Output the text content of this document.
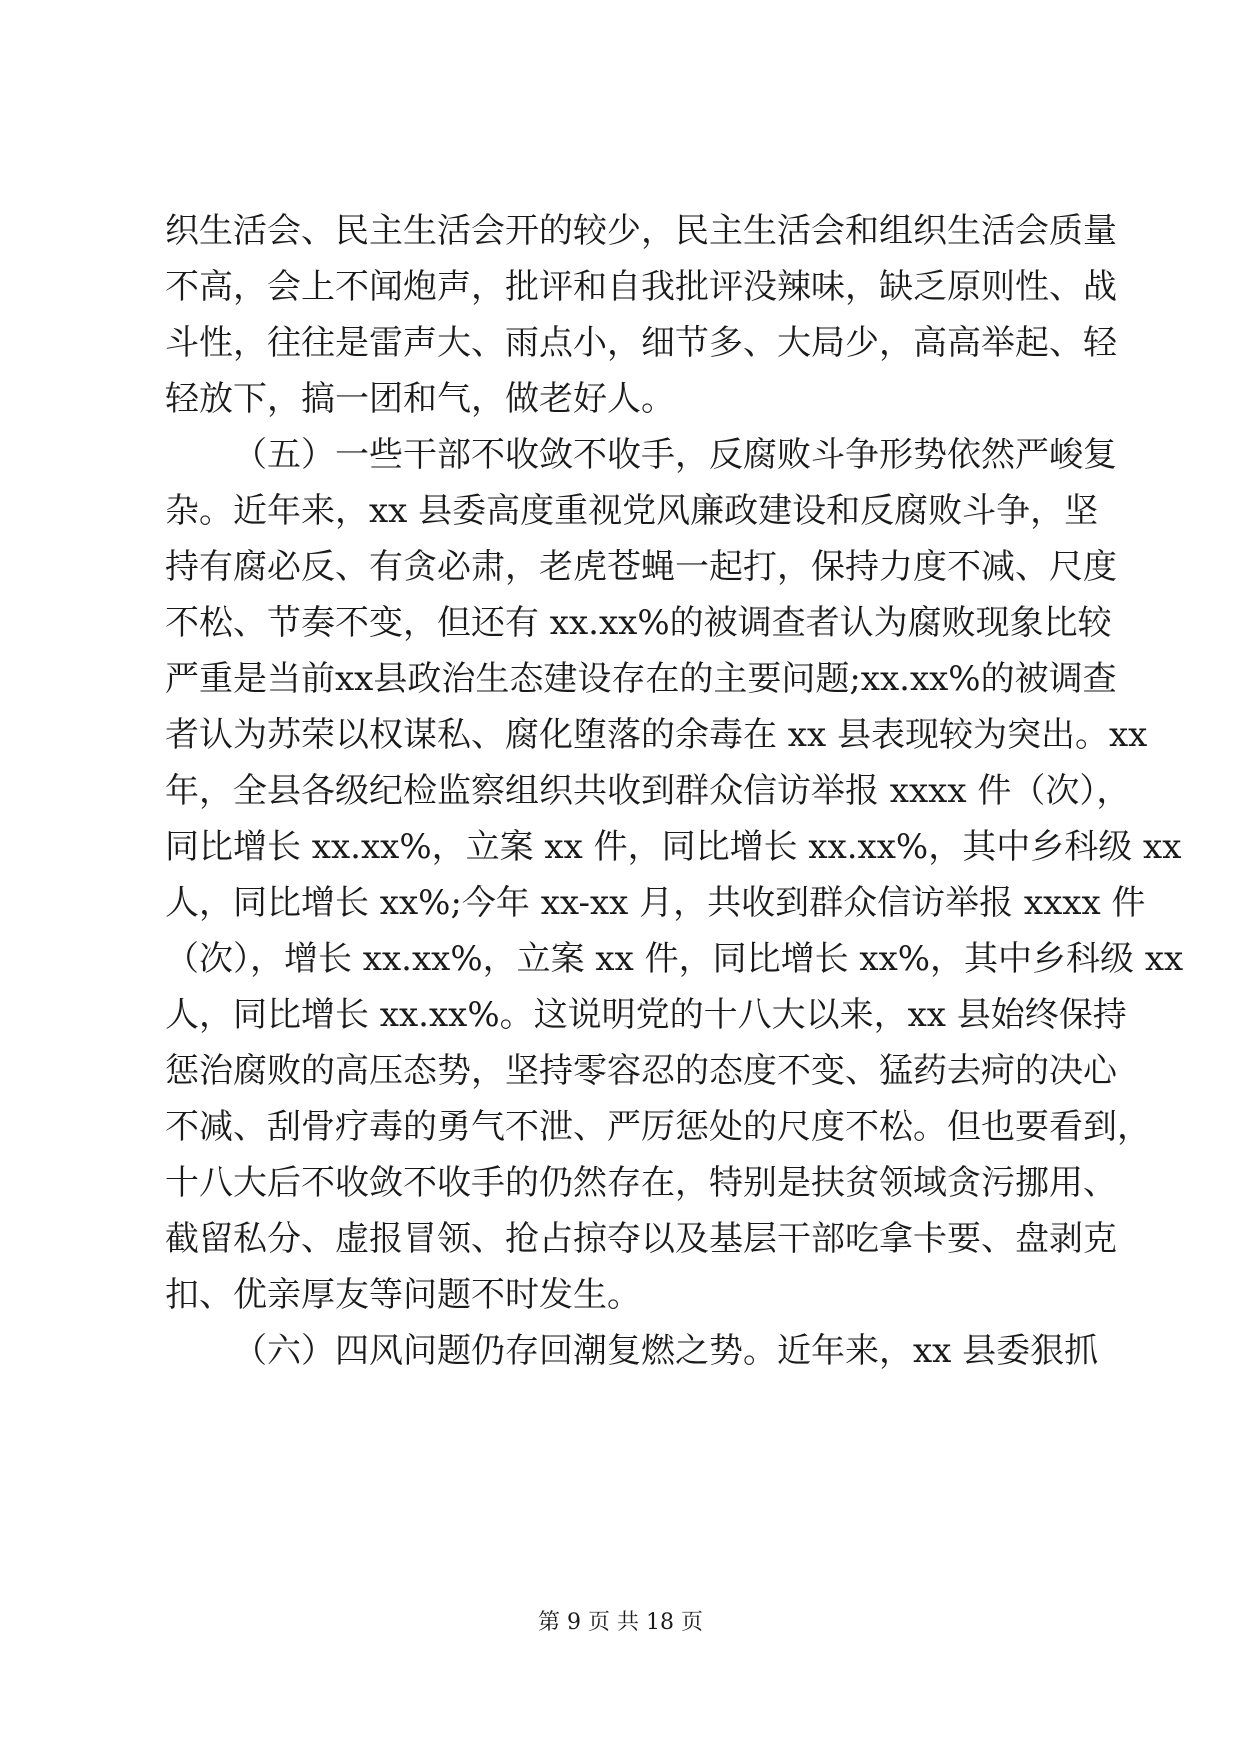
织生活会、民主生活会开的较少，民主生活会和组织生活会质量
不高，会上不闻炮声，批评和自我批评没辣味，缺乏原则性、战
斗性，往往是雷声大、雨点小，细节多、大局少，高高举起、轻
轻放下，搞一团和气，做老好人。
（五）一些干部不收敛不收手，反腐败斗争形势依然严峻复
杂。近年来，xx 县委高度重视党风廉政建设和反腐败斗争，坚
持有腐必反、有贪必肃，老虎苍蝇一起打，保持力度不减、尺度
不松、节奏不变，但还有 xx.xx%的被调查者认为腐败现象比较
严重是当前xx县政治生态建设存在的主要问题;xx.xx%的被调查
者认为苏荣以权谋私、腐化堕落的余毒在 xx 县表现较为突出。xx
年，全县各级纪检监察组织共收到群众信访举报 xxxx 件（次），
同比增长 xx.xx%，立案 xx 件，同比增长 xx.xx%，其中乡科级 xx
人，同比增长 xx%;今年 xx-xx 月，共收到群众信访举报 xxxx 件
（次），增长 xx.xx%，立案 xx 件，同比增长 xx%，其中乡科级 xx
人，同比增长 xx.xx%。这说明党的十八大以来，xx 县始终保持
惩治腐败的高压态势，坚持零容忍的态度不变、猛药去疴的决心
不减、刮骨疗毒的勇气不泄、严厉惩处的尺度不松。但也要看到，
十八大后不收敛不收手的仍然存在，特别是扶贫领域贪污挪用、
截留私分、虚报冒领、抢占掠夺以及基层干部吃拿卡要、盘剥克
扣、优亲厚友等问题不时发生。
（六）四风问题仍存回潮复燃之势。近年来，xx 县委狠抓
第 9 页 共 18 页
